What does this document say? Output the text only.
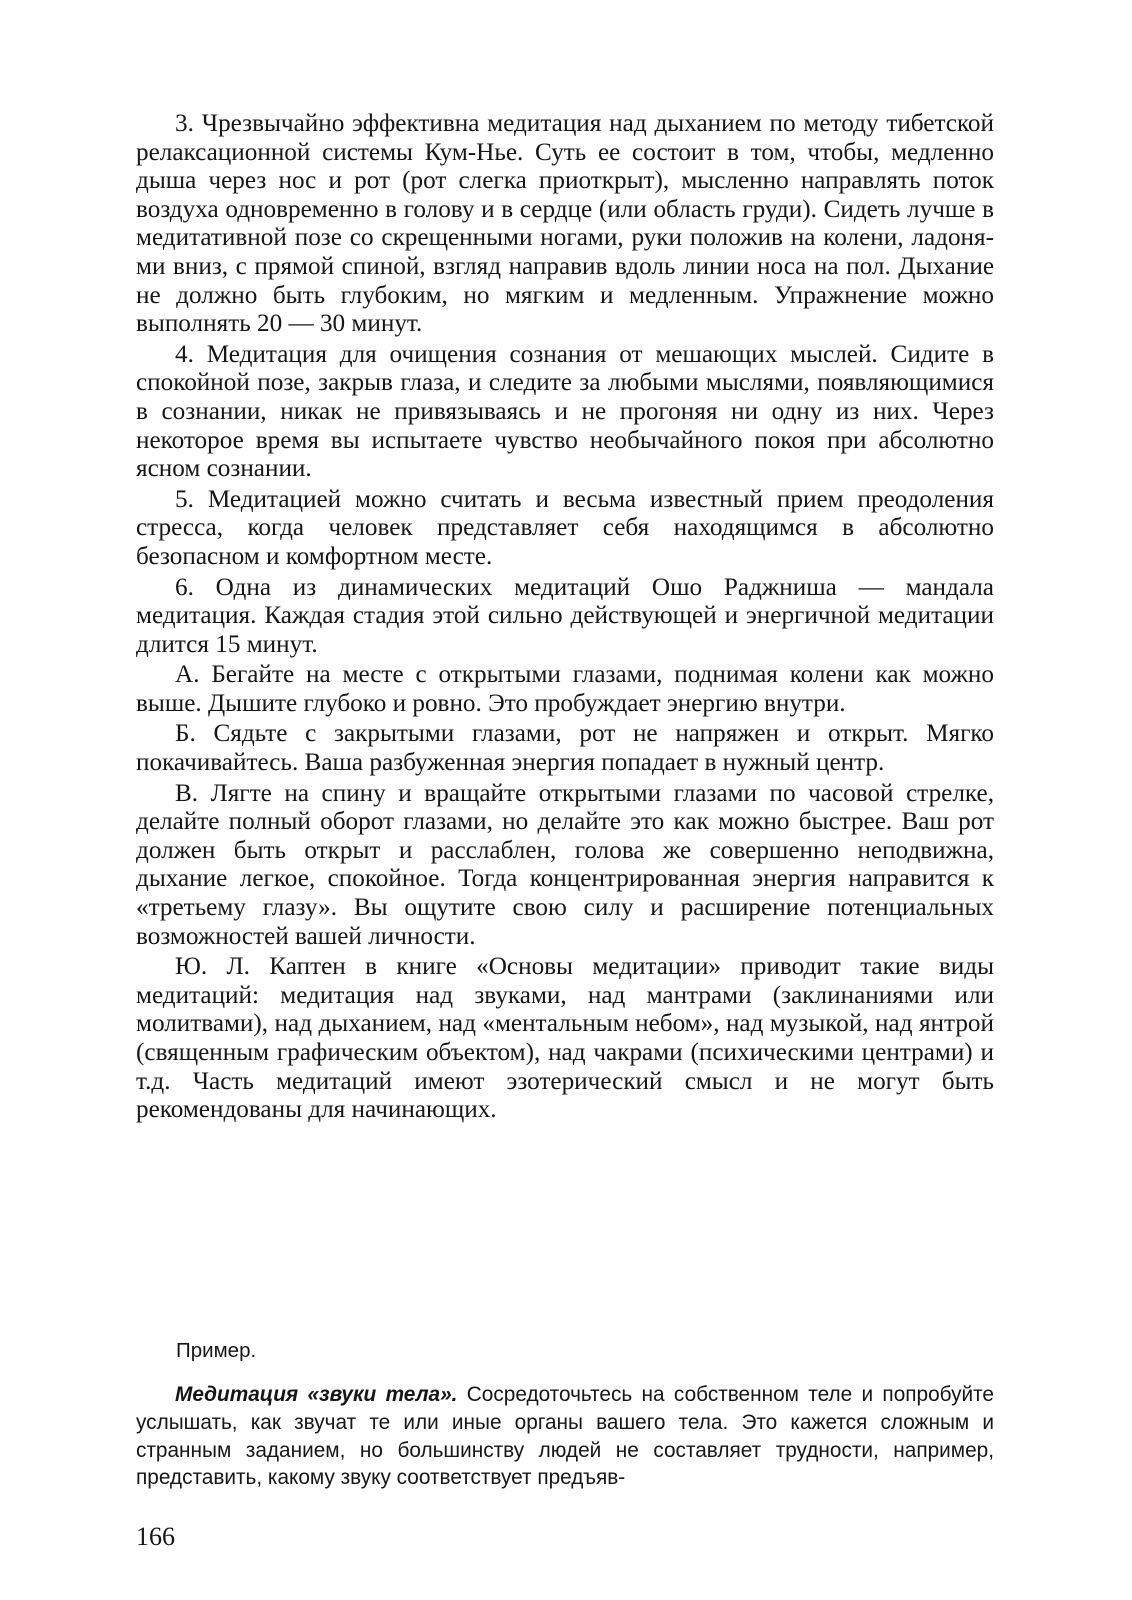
3. Чрезвычайно эффективна медитация над дыханием по методу тибетской релаксационной системы Кум-Нье. Суть ее состоит в том, чтобы, медленно дыша через нос и рот (рот слегка приоткрыт), мысленно направлять поток воздуха одновременно в голову и в сердце (или область груди). Сидеть лучше в медитативной позе со скрещенными ногами, руки положив на колени, ладонями вниз, с прямой спиной, взгляд направив вдоль линии носа на пол. Дыхание не должно быть глубоким, но мягким и медленным. Упражнение можно выполнять 20 — 30 минут.

4. Медитация для очищения сознания от мешающих мыслей. Сидите в спокойной позе, закрыв глаза, и следите за любыми мыслями, появляющимися в сознании, никак не привязываясь и не прогоняя ни одну из них. Через некоторое время вы испытаете чувство необычайного покоя при абсолютно ясном сознании.

5. Медитацией можно считать и весьма известный прием преодоления стресса, когда человек представляет себя находящимся в абсолютно безопасном и комфортном месте.

6. Одна из динамических медитаций Ошо Раджниша — мандала медитация. Каждая стадия этой сильно действующей и энергичной медитации длится 15 минут.

А. Бегайте на месте с открытыми глазами, поднимая колени как можно выше. Дышите глубоко и ровно. Это пробуждает энергию внутри.

Б. Сядьте с закрытыми глазами, рот не напряжен и открыт. Мягко покачивайтесь. Ваша разбуженная энергия попадает в нужный центр.

В. Лягте на спину и вращайте открытыми глазами по часовой стрелке, делайте полный оборот глазами, но делайте это как можно быстрее. Ваш рот должен быть открыт и расслаблен, голова же совершенно неподвижна, дыхание легкое, спокойное. Тогда концентрированная энергия направится к «третьему глазу». Вы ощутите свою силу и расширение потенциальных возможностей вашей личности.

Ю. Л. Каптен в книге «Основы медитации» приводит такие виды медитаций: медитация над звуками, над мантрами (заклинаниями или молитвами), над дыханием, над «ментальным небом», над музыкой, над янтрой (священным графическим объектом), над чакрами (психическими центрами) и т.д. Часть медитаций имеют эзотерический смысл и не могут быть рекомендованы для начинающих.

Пример.

Медитация «звуки тела». Сосредоточьтесь на собственном теле и попробуйте услышать, как звучат те или иные органы вашего тела. Это кажется сложным и странным заданием, но большинству людей не составляет трудности, например, представить, какому звуку соответствует предъяв-

166
